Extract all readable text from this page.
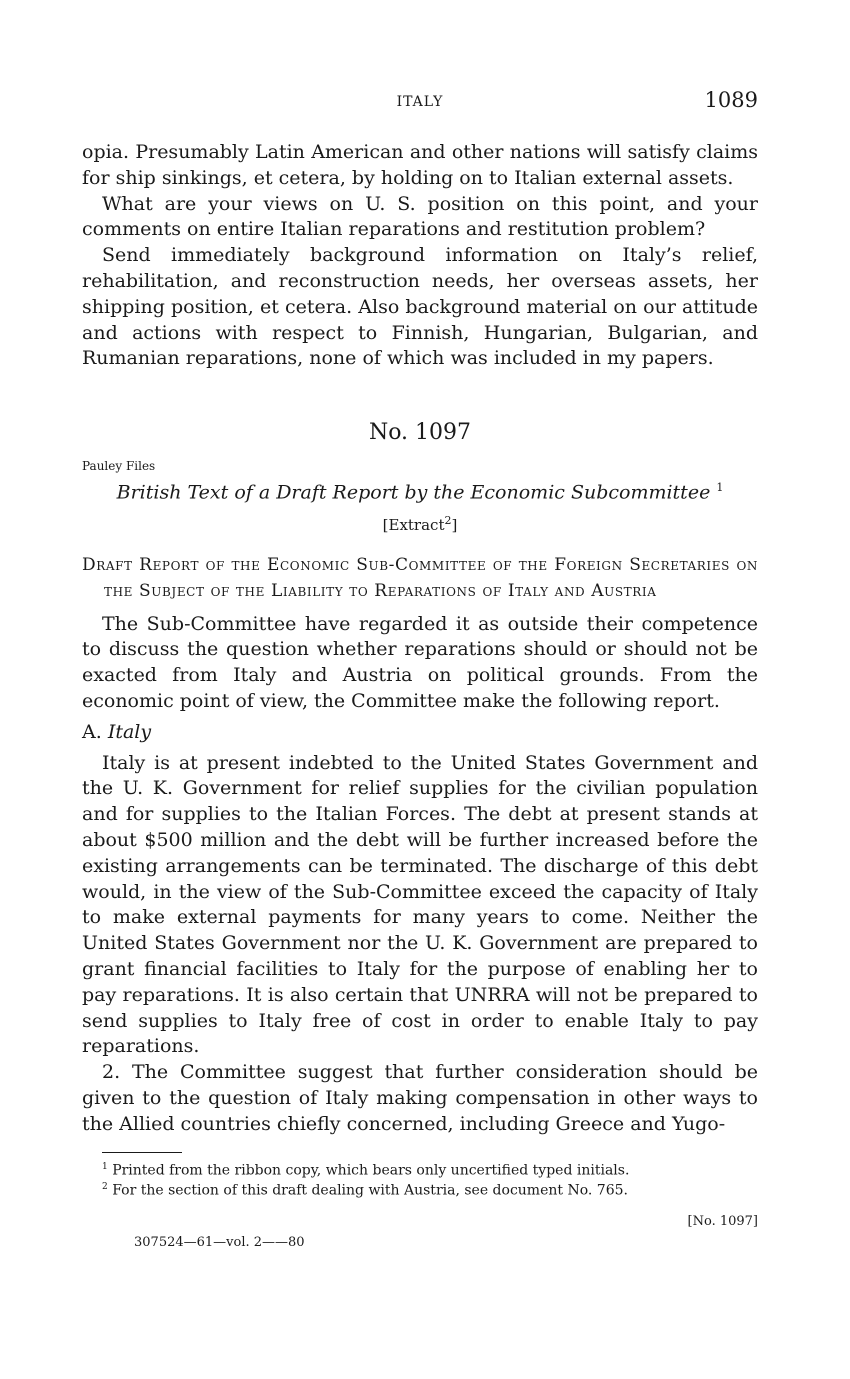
ITALY	1089

opia. Presumably Latin American and other nations will satisfy claims for ship sinkings, et cetera, by holding on to Italian external assets.

What are your views on U. S. position on this point, and your comments on entire Italian reparations and restitution problem?

Send immediately background information on Italy’s relief, rehabilitation, and reconstruction needs, her overseas assets, her shipping position, et cetera. Also background material on our attitude and actions with respect to Finnish, Hungarian, Bulgarian, and Rumanian reparations, none of which was included in my papers.

No. 1097

Pauley Files

British Text of a Draft Report by the Economic Subcommittee $^1$

[Extract$^2$]

Draft Report of the Economic Sub-Committee of the Foreign Secretaries on the Subject of the Liability to Reparations of Italy and Austria

The Sub-Committee have regarded it as outside their competence to discuss the question whether reparations should or should not be exacted from Italy and Austria on political grounds. From the economic point of view, the Committee make the following report.

A. Italy

Italy is at present indebted to the United States Government and the U. K. Government for relief supplies for the civilian population and for supplies to the Italian Forces. The debt at present stands at about $500 million and the debt will be further increased before the existing arrangements can be terminated. The discharge of this debt would, in the view of the Sub-Committee exceed the capacity of Italy to make external payments for many years to come. Neither the United States Government nor the U. K. Government are prepared to grant financial facilities to Italy for the purpose of enabling her to pay reparations. It is also certain that UNRRA will not be prepared to send supplies to Italy free of cost in order to enable Italy to pay reparations.

2. The Committee suggest that further consideration should be given to the question of Italy making compensation in other ways to the Allied countries chiefly concerned, including Greece and Yugo-

$^1$ Printed from the ribbon copy, which bears only uncertified typed initials.

$^2$ For the section of this draft dealing with Austria, see document No. 765.

[No. 1097]

307524—61—vol. 2——80
